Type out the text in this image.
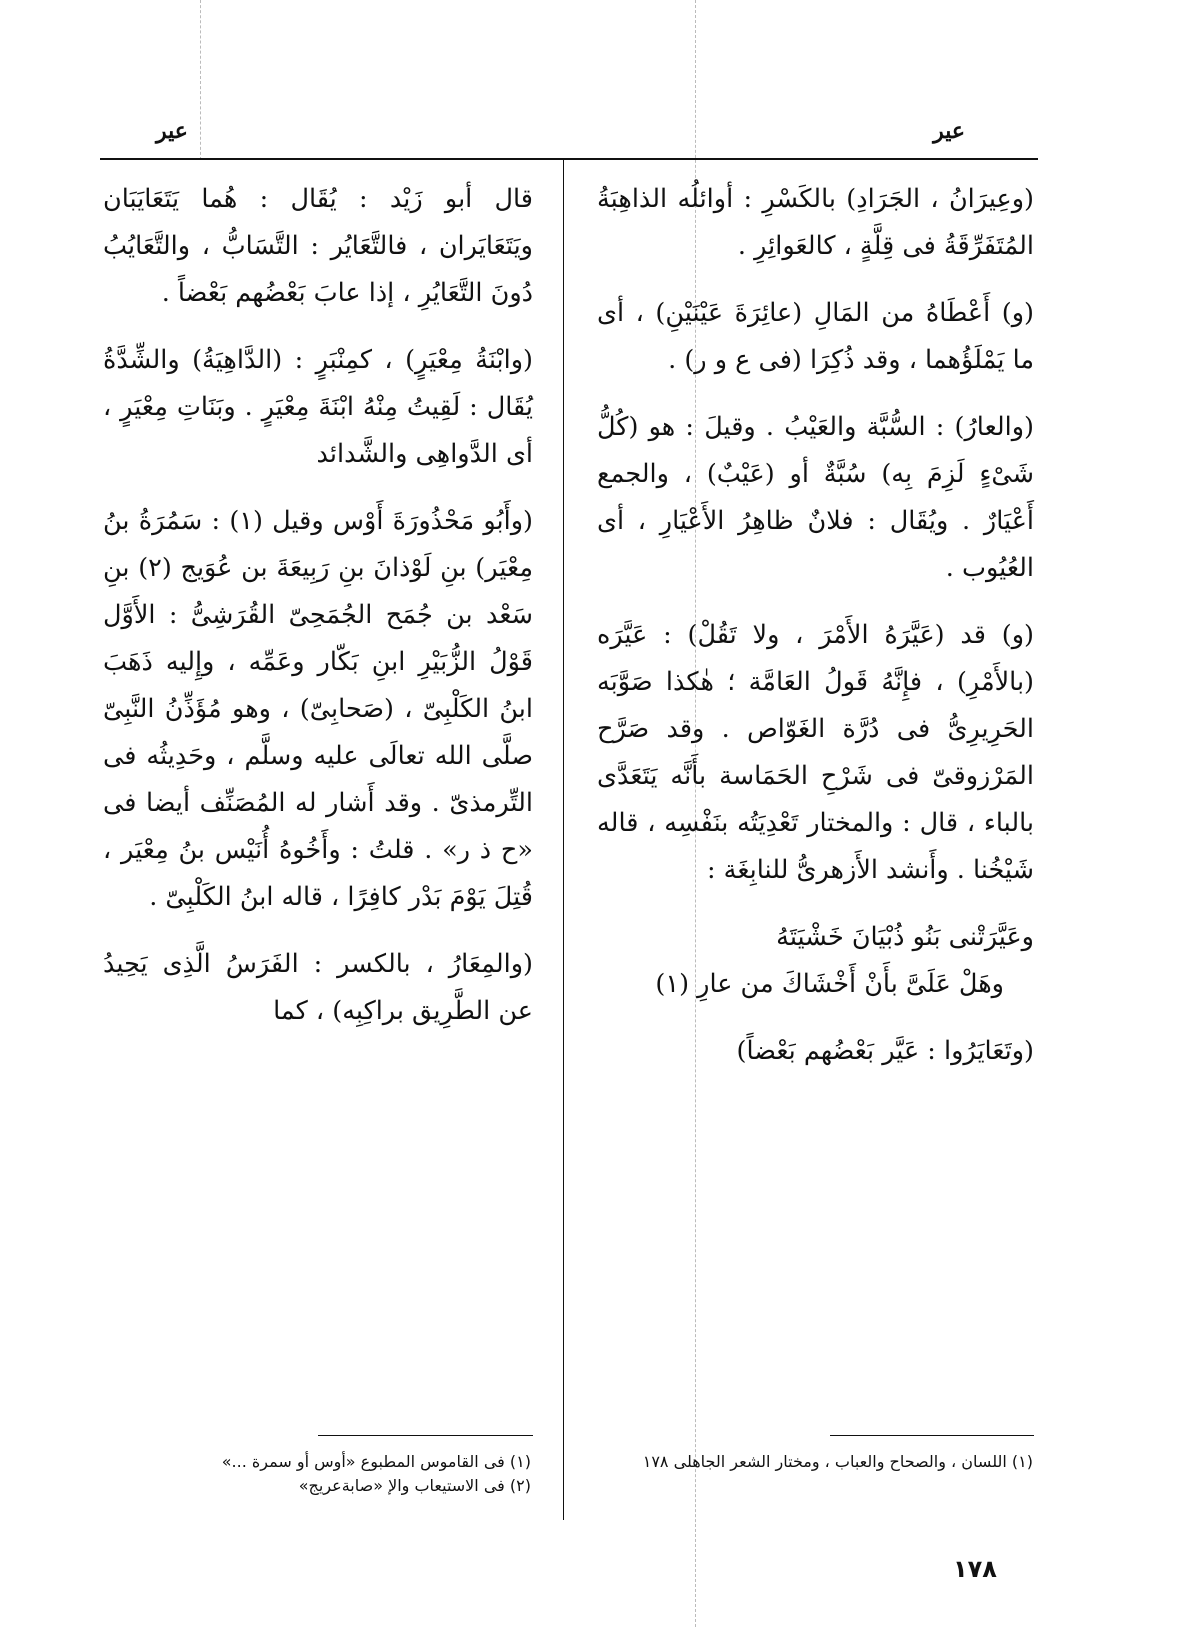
عير
عير

(وعِيرَانُ ، الجَرَادِ) بالكَسْرِ : أوائلُه الذاهِبَةُ المُتَفَرِّقَةُ فى قِلَّةٍ ، كالعَوائِرِ .

(و) أَعْطَاهُ من المَالِ (عائِرَةَ عَيْنَيْنِ) ، أى ما يَمْلَؤُهما ، وقد ذُكِرَا (فى ع و ر) .

(والعارُ) : السُّبَّة والعَيْبُ . وقيلَ : هو (كُلُّ شَىْءٍ لَزِمَ بِه) سُبَّةٌ أو (عَيْبٌ) ، والجمع أَعْيَارٌ . ويُقَال : فلانٌ ظاهِرُ الأَعْيَارِ ، أى العُيُوب .

(و) قد (عَيَّرَهُ الأَمْرَ ، ولا تَقُلْ) : عَيَّرَه (بالأَمْرِ) ، فإِنَّهُ قَولُ العَامَّة ؛ هٰكذا صَوَّبَه الحَرِيرِىُّ فى دُرَّة الغَوّاص . وقد صَرَّح المَرْزوقىّ فى شَرْحِ الحَمَاسة بأَنَّه يَتَعَدَّى بالباء ، قال : والمختار تَعْدِيَتُه بنَفْسِه ، قاله شَيْخُنا . وأَنشد الأَزهرىُّ للنابِغَة :

وعَيَّرَتْنى بَنُو ذُبْيَانَ خَشْيَتَهُ
وهَلْ عَلَىَّ بأَنْ أَخْشَاكَ من عارِ (١)

(وتَعَايَرُوا : عَيَّر بَعْضُهم بَعْضاً)

قال أبو زَيْد : يُقَال : هُما يَتَعَايَبَان ويَتَعَايَران ، فالتَّعَايُر : التَّسَابُّ ، والتَّعَايُبُ دُونَ التَّعَايُرِ ، إذا عابَ بَعْضُهم بَعْضاً .

(وابْنَةُ مِعْيَرٍ) ، كمِنْبَرٍ : (الدَّاهِيَةُ) والشِّدَّةُ يُقَال : لَقِيتُ مِنْهُ ابْنَةَ مِعْيَرٍ . وبَنَاتِ مِعْيَرٍ ، أى الدَّواهِى والشَّدائد

(وأَبُو مَحْذُورَةَ أَوْس وقيل (١) : سَمُرَةُ بنُ مِعْيَر) بنِ لَوْذانَ بنِ رَبِيعَةَ بن عُوَيج (٢) بنِ سَعْد بن جُمَح الجُمَحِىّ القُرَشِىُّ : الأَوَّل قَوْلُ الزُّبَيْرِ ابنِ بَكّار وعَمِّه ، وإِليه ذَهَبَ ابنُ الكَلْبِىّ ، (صَحابِىّ) ، وهو مُؤَذِّنُ النَّبِىّ صلَّى الله تعالَى عليه وسلَّم ، وحَدِيثُه فى التِّرمذىّ . وقد أَشار له المُصَنِّف أيضا فى «ح ذ ر» . قلتُ : وأَخُوهُ أُنَيْس بنُ مِعْيَر ، قُتِلَ يَوْمَ بَدْر كافِرًا ، قاله ابنُ الكَلْبِىّ .

(والمِعَارُ ، بالكسر : الفَرَسُ الَّذِى يَحِيدُ عن الطَّرِيق براكِبِه) ، كما

(١) اللسان ، والصحاح والعباب ، ومختار الشعر الجاهلى ١٧٨
(١) فى القاموس المطبوع «أوس أو سمرة ...»
(٢) فى الاستيعاب والإ «صابةعريج»
١٧٨
